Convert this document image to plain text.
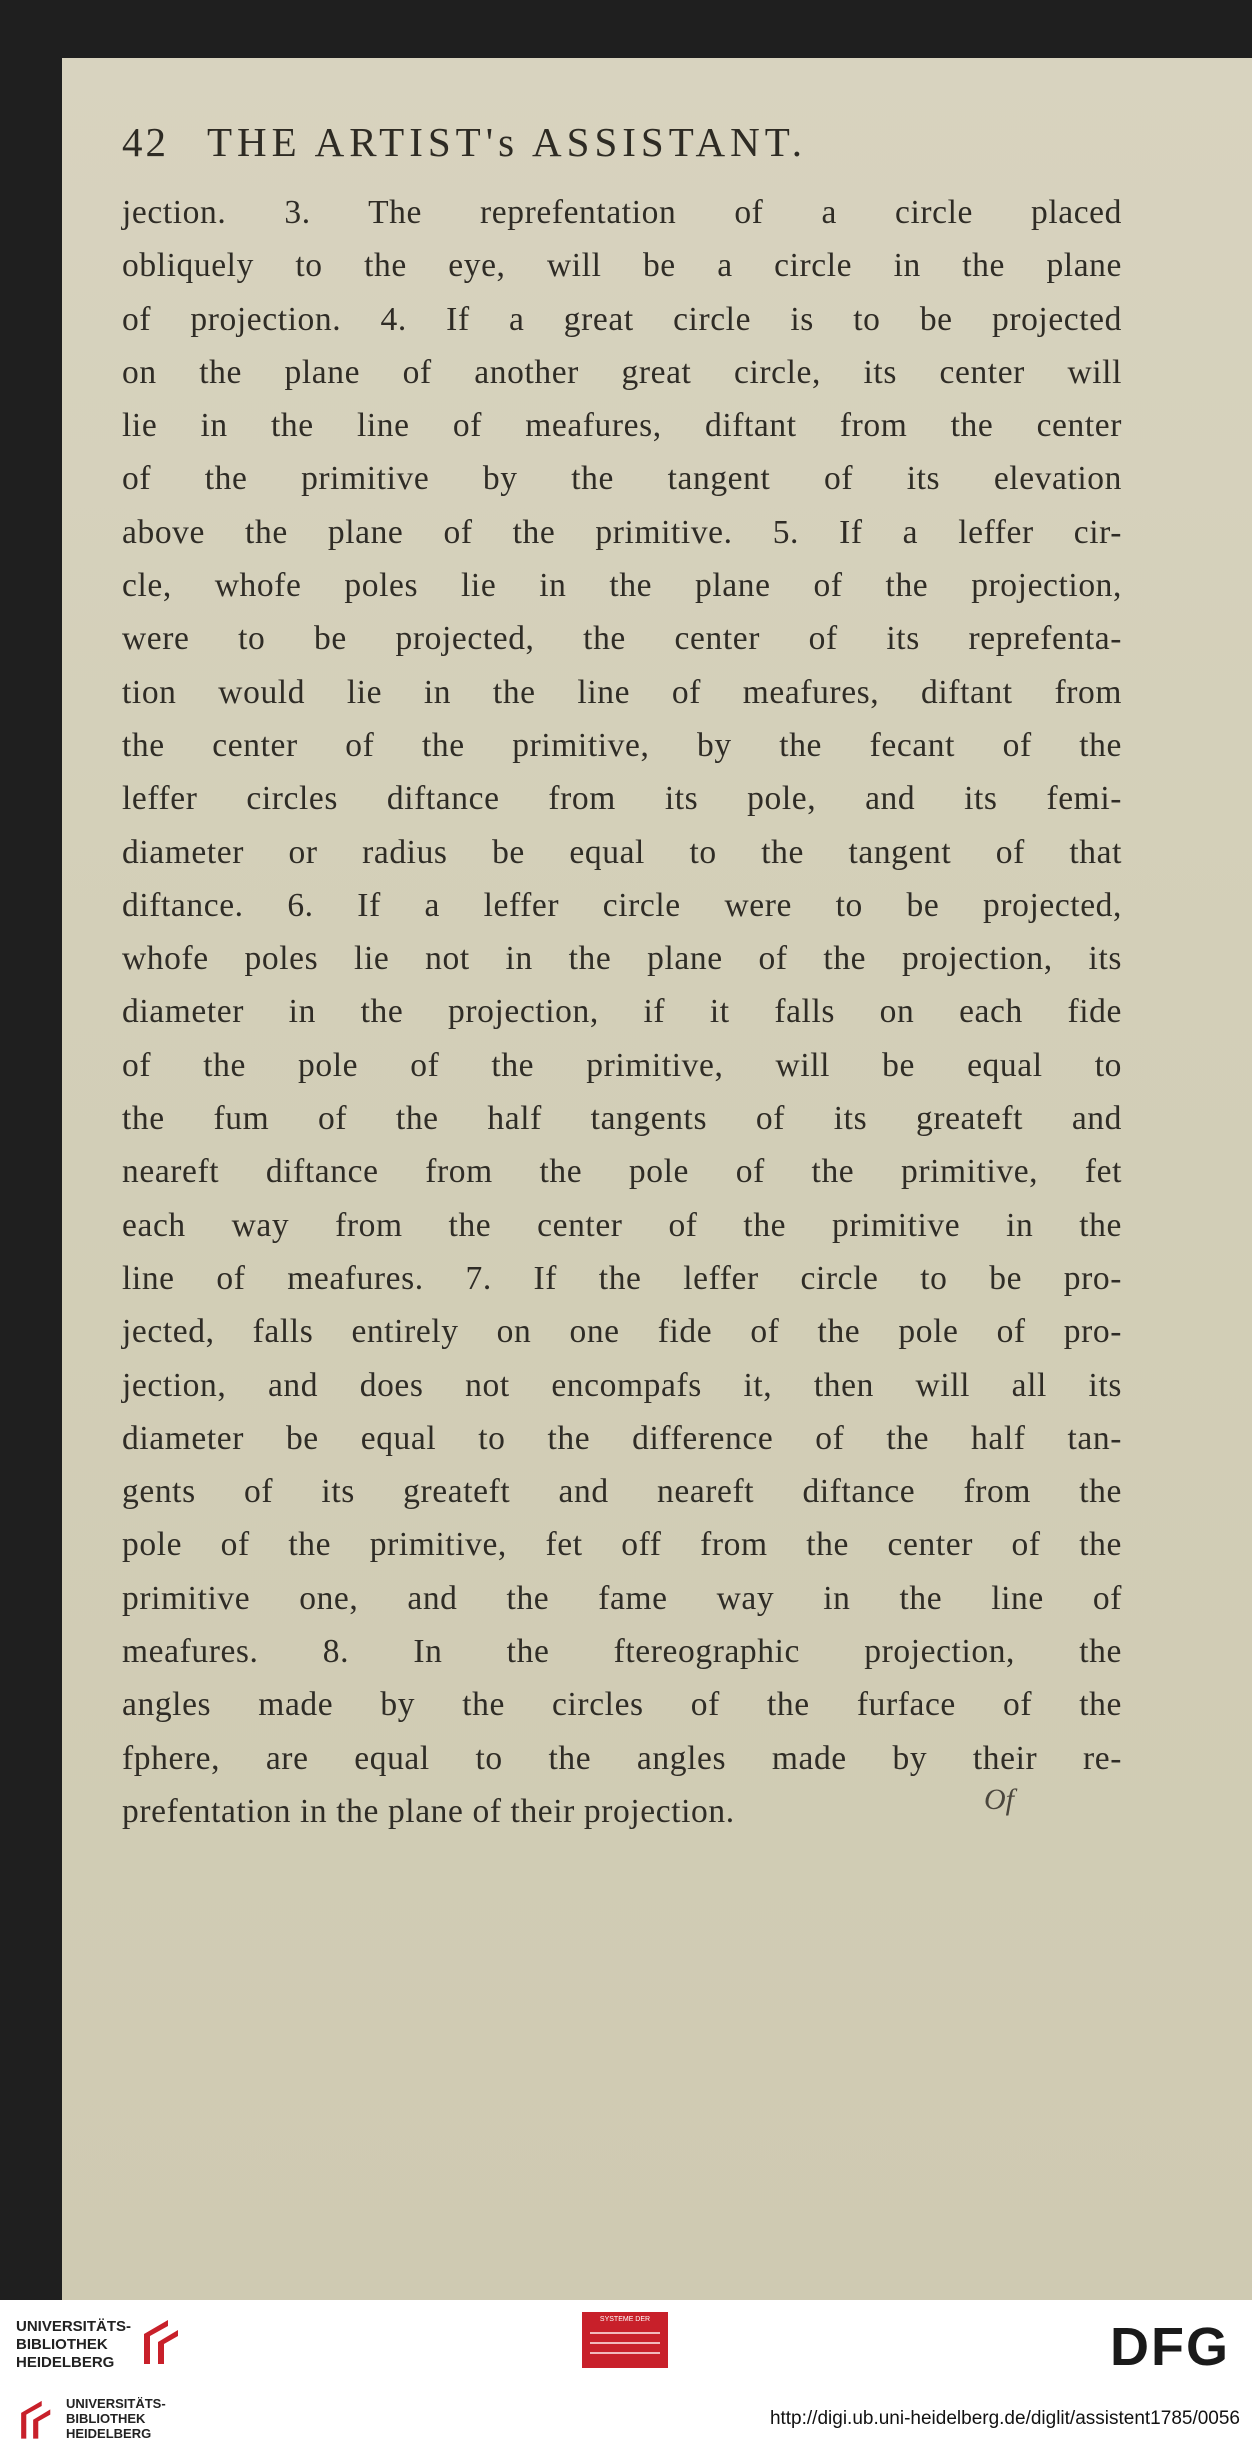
42 THE ARTIST's ASSISTANT.
jection. 3. The reprefentation of a circle placed
obliquely to the eye, will be a circle in the plane
of projection. 4. If a great circle is to be projected
on the plane of another great circle, its center will
lie in the line of meafures, diftant from the center
of the primitive by the tangent of its elevation
above the plane of the primitive. 5. If a leffer cir-
cle, whofe poles lie in the plane of the projection,
were to be projected, the center of its reprefenta-
tion would lie in the line of meafures, diftant from
the center of the primitive, by the fecant of the
leffer circles diftance from its pole, and its femi-
diameter or radius be equal to the tangent of that
diftance. 6. If a leffer circle were to be projected,
whofe poles lie not in the plane of the projection, its
diameter in the projection, if it falls on each fide
of the pole of the primitive, will be equal to
the fum of the half tangents of its greateft and
neareft diftance from the pole of the primitive, fet
each way from the center of the primitive in the
line of meafures. 7. If the leffer circle to be pro-
jected, falls entirely on one fide of the pole of pro-
jection, and does not encompafs it, then will all its
diameter be equal to the difference of the half tan-
gents of its greateft and neareft diftance from the
pole of the primitive, fet off from the center of the
primitive one, and the fame way in the line of
meafures. 8. In the ftereographic projection, the
angles made by the circles of the furface of the
fphere, are equal to the angles made by their re-
prefentation in the plane of their projection.	Of
UNIVERSITÄTS-
BIBLIOTHEK
HEIDELBERG
SYSTEME DER	DFG
UNIVERSITÄTS-
BIBLIOTHEK
HEIDELBERG
http://digi.ub.uni-heidelberg.de/diglit/assistent1785/0056
